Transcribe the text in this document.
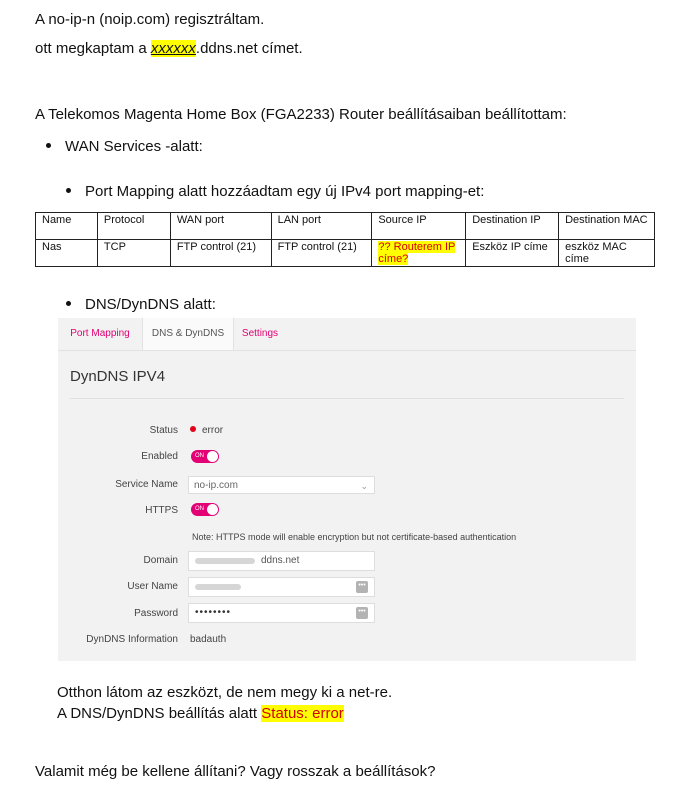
A no-ip-n (noip.com) regisztráltam.
ott megkaptam a xxxxxx.ddns.net címet.
A Telekomos Magenta Home Box (FGA2233) Router beállításaiban beállítottam:
WAN Services -alatt:
Port Mapping alatt hozzáadtam egy új IPv4 port mapping-et:
Name	Protocol	WAN port	LAN port	Source IP	Destination IP	Destination MAC
Nas	TCP	FTP control (21)	FTP control (21)	?? Routerem IP címe?	Eszköz IP címe	eszköz MAC címe
DNS/DynDNS alatt:
Port Mapping	DNS & DynDNS	Settings
DynDNS IPV4
Status	error
Enabled	ON
Service Name	no-ip.com	⌄
HTTPS	ON
Note: HTTPS mode will enable encryption but not certificate-based authentication
Domain	ddns.net
User Name	•••
Password ••••••••	•••
DynDNS Information badauth
Otthon látom az eszközt, de nem megy ki a net-re.
A DNS/DynDNS beállítás alatt Status: error
Valamit még be kellene állítani? Vagy rosszak a beállítások?
